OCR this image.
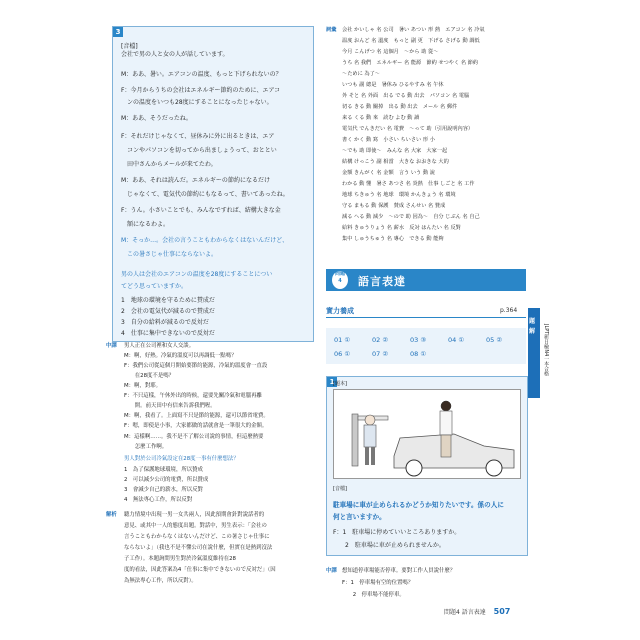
3
[音檔]
会社で男の人と女の人が話しています。
M：ああ、暑い。エアコンの温度、もっと下げられないの？
F：今月からうちの会社はエネルギー節約のために、エアコ
　ンの温度をいつも28度にすることになったじゃない。
M：ああ、そうだったね。
F：それだけじゃなくて、昼休みに外に出るときは、エア
　コンやパソコンを切ってから出ましょうって、おととい
　田中さんからメールが来てたわ。
M：ああ、それは読んだ。エネルギーの節約になるだけ
　じゃなくて、電気代の節約にもなるって、書いてあったね。
F：うん。小さいことでも、みんなですれば、結構大きな金
　額になるわよ。
M：そっか…。会社の言うこともわからなくはないんだけど、
　この暑さじゃ仕事にならないよ。
男の人は会社のエアコンの温度を28度にすることについ
てどう思っていますか。
1　地球の環境を守るために賛成だ
2　会社の電気代が減るので賛成だ
3　自分の給料が減るので反対だ
4　仕事に集中できないので反対だ
中譯 男人正在公司裡和女人交談。
M：啊，好熱。冷氣的溫度可以再調低一點嗎？
F：我們公司從這個月開始要節約能源，冷氣的溫度會一直設
　　在28度不是嗎？
M：啊，對耶。
F：不只這樣，午休外出的時候，還要先關冷氣和電腦再離
　　開。前天田中有信來告訴我們喔。
M：啊，我看了。上面寫不只是節約能源，還可以節省電費。
F：嗯，即使是小事，大家都做的話就會是一筆很大的金額。
M：這樣啊……。我不是不了解公司說的事情，但這麼熱要
　　怎麼工作啊。
男人對於公司冷氣設定在28度一事有什麼想法？
1　為了保護地球環境，所以贊成
2　可以減少公司的電費，所以贊成
3　會減少自己的薪水，所以反對
4　無法專心工作，所以反對
解析 聽力情境中出現一男一女共兩人，因此預期會針對說話者的
意見、或其中一人的態度出題。對話中，男生表示：「会社の
言うこともわからなくはないんだけど、この暑さじゃ仕事に
ならないよ」（我也不是不懂公司在說什麼，但實在是熱到沒法
子工作）。本題詢問男生對於冷氣溫度維持在28
度的看法，因此答案為4「仕事に集中できないので反対だ」（因
為無法專心工作，所以反對）。
詞彙 会社 かいしゃ 名 公司　暑い あつい 形 熱　エアコン 名 冷氣
温度 おんど 名 溫度　もっと 副 更　下げる さげる 動 調低
今月 こんげつ 名 這個月　～から 助 從～
うち 名 我們　エネルギー 名 能源　節約 せつやく 名 節約
～ために 為了～
いつも 副 總是　暑休み ひるやすみ 名 午休
外 そと 名 外面　出る でる 動 出去　パソコン 名 電腦
切る きる 動 關掉　出る 動 出去　メール 名 郵件
来る くる 動 來　読む よむ 動 讀
電気代 でんきだい 名 電費　～って 助（引用說明內容）
書く かく 動 寫　小さい ちいさい 形 小
～でも 助 即使～　みんな 名 大家　大家一起
結構 けっこう 副 相當　大きな おおきな 大的
金額 きんがく 名 金額　言う いう 動 說
わかる 動 懂　暑さ あつさ 名 炎熱　仕事 しごと 名 工作
地球 ちきゅう 名 地球　環境 かんきょう 名 環境
守る まもる 動 保護　賛成 さんせい 名 贊成
減る へる 動 減少　～ので 助 因為～　自分 じぶん 名 自己
給料 きゅうりょう 名 薪水　反対 はんたい 名 反對
集中 しゅうちゅう 名 專心　できる 動 能夠
問題
4	語言表達
實力養成	p.364
01 ①	02 ②	03 ③	04 ①	05 ②
06 ①	07 ②	08 ①
1
[題本]
[音檔]
駐車場に車が止められるかどうか知りたいです。係の人に
何と言いますか。
F：1　駐車場に停めていいところありますか。
　　2　駐車場に車が止められませんか。
中譯 想知道停車場能否停車。要對工作人員說什麼？
F：1　停車場有空的位置嗎？
　　2　停車場不能停車。
題
解 JLPT新日檢N4一本合格
問題4 語言表達 507
